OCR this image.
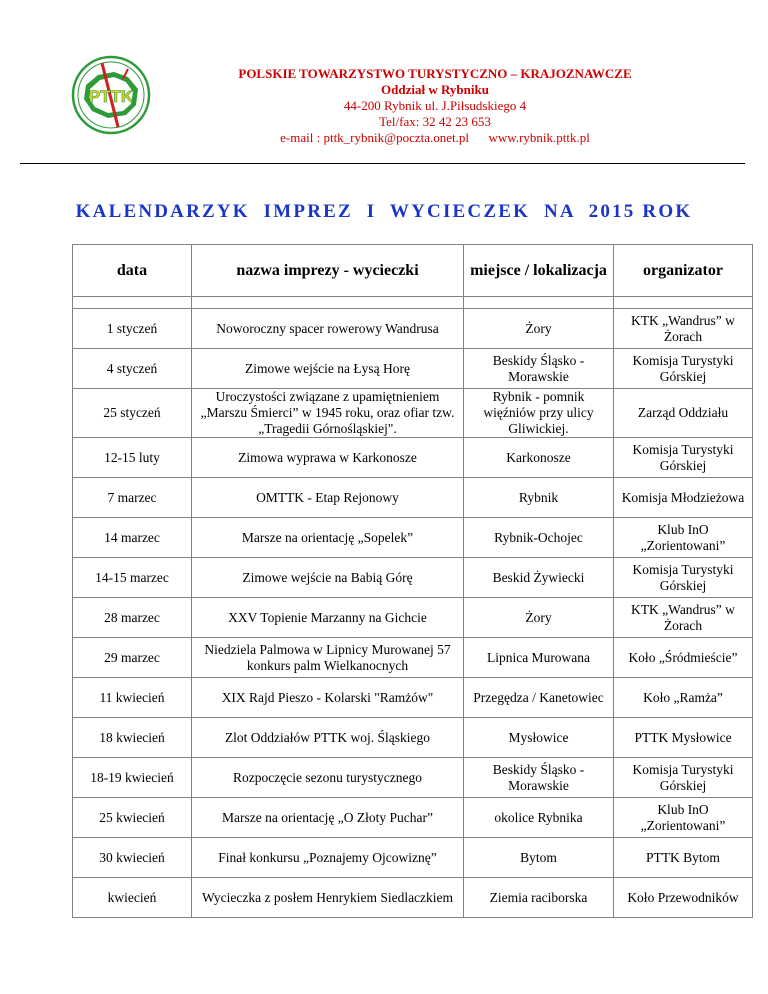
PTTK
POLSKIE TOWARZYSTWO TURYSTYCZNO – KRAJOZNAWCZE
Oddział w Rybniku
44-200 Rybnik ul. J.Piłsudskiego 4
Tel/fax: 32 42 23 653
e-mail : pttk_rybnik@poczta.onet.pl      www.rybnik.pttk.pl
KALENDARZYK  IMPREZ  I  WYCIECZEK  NA  2015 ROK
data	nazwa imprezy - wycieczki	miejsce / lokalizacja	organizator

1 styczeń	Noworoczny spacer rowerowy Wandrusa	Żory	KTK „Wandrus” w Żorach
4 styczeń	Zimowe wejście na Łysą Horę	Beskidy Śląsko - Morawskie	Komisja Turystyki Górskiej
25 styczeń	Uroczystości związane z upamiętnieniem „Marszu Śmierci” w 1945 roku, oraz ofiar tzw. „Tragedii Górnośląskiej".	Rybnik - pomnik więźniów przy ulicy Gliwickiej.	Zarząd Oddziału
12-15 luty	Zimowa wyprawa w Karkonosze	Karkonosze	Komisja Turystyki Górskiej
7 marzec	OMTTK - Etap Rejonowy	Rybnik	Komisja Młodzieżowa
14 marzec	Marsze na orientację „Sopelek”	Rybnik-Ochojec	Klub InO „Zorientowani”
14-15 marzec	Zimowe wejście na Babią Górę	Beskid Żywiecki	Komisja Turystyki Górskiej
28 marzec	XXV Topienie Marzanny na Gichcie	Żory	KTK „Wandrus” w Żorach
29 marzec	Niedziela Palmowa w Lipnicy Murowanej 57 konkurs palm Wielkanocnych	Lipnica Murowana	Koło „Śródmieście”
11 kwiecień	XIX Rajd Pieszo - Kolarski "Ramżów"	Przegędza / Kanetowiec	Koło „Ramża”
18 kwiecień	Zlot Oddziałów PTTK woj. Śląskiego	Mysłowice	PTTK Mysłowice
18-19 kwiecień	Rozpoczęcie sezonu turystycznego	Beskidy Śląsko - Morawskie	Komisja Turystyki Górskiej
25 kwiecień	Marsze na orientację „O Złoty Puchar”	okolice Rybnika	Klub InO „Zorientowani”
30 kwiecień	Finał konkursu „Poznajemy Ojcowiznę”	Bytom	PTTK Bytom
kwiecień	Wycieczka z posłem Henrykiem Siedlaczkiem	Ziemia raciborska	Koło Przewodników
